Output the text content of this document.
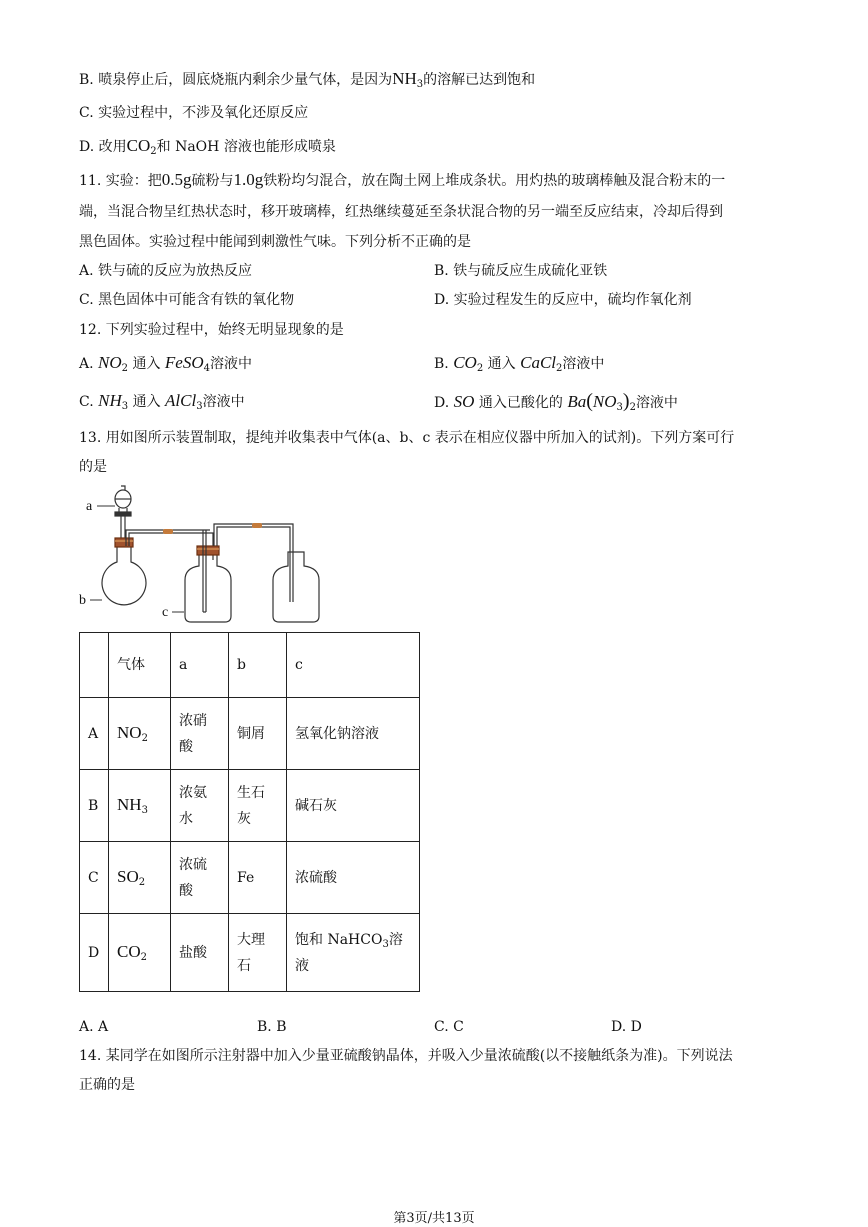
B. 喷泉停止后，圆底烧瓶内剩余少量气体，是因为$NH_3$的溶解已达到饱和
C. 实验过程中，不涉及氧化还原反应
D. 改用$CO_2$和 NaOH 溶液也能形成喷泉
11. 实验：把0.5g硫粉与1.0g铁粉均匀混合，放在陶土网上堆成条状。用灼热的玻璃棒触及混合粉末的一
端，当混合物呈红热状态时，移开玻璃棒，红热继续蔓延至条状混合物的另一端至反应结束，冷却后得到
黑色固体。实验过程中能闻到刺激性气味。下列分析不正确的是
A. 铁与硫的反应为放热反应	B. 铁与硫反应生成硫化亚铁
C. 黑色固体中可能含有铁的氧化物	D. 实验过程发生的反应中，硫均作氧化剂
12. 下列实验过程中，始终无明显现象的是
A. $NO_2$ 通入 FeSO$_4$溶液中	B. $CO_2$ 通入 CaCl$_2$溶液中
C. $NH_3$ 通入 AlCl$_3$溶液中	D. SO 通入已酸化的 $Ba(NO_3)_2$溶液中
13. 用如图所示装置制取，提纯并收集表中气体(a、b、c 表示在相应仪器中所加入的试剂)。下列方案可行
的是
a
b
c
	气体	a	b	c
A	$NO_2$	浓硝
酸	铜屑	氢氧化钠溶液
B	$NH_3$	浓氨
水	生石
灰	碱石灰
C	$SO_2$	浓硫
酸	Fe	浓硫酸
D	$CO_2$	盐酸	大理
石	饱和 NaHCO$_3$溶
液
A. A	B. B	C. C	D. D
14. 某同学在如图所示注射器中加入少量亚硫酸钠晶体，并吸入少量浓硫酸(以不接触纸条为准)。下列说法
正确的是
第3页/共13页
